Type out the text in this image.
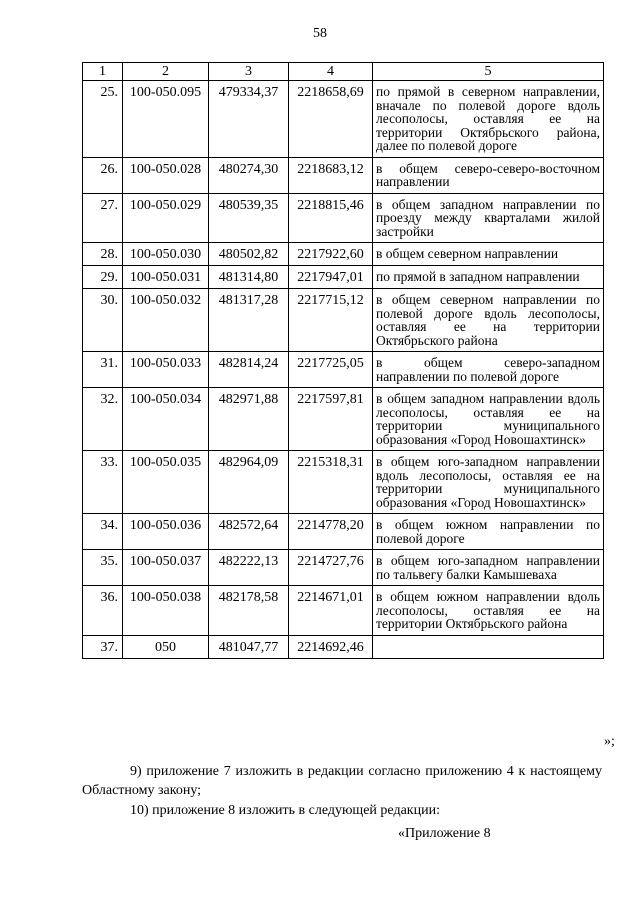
58
1	2	3	4	5
25.	100-050.095	479334,37	2218658,69	по прямой в северном направлении, вначале по полевой дороге вдоль лесополосы, оставляя ее на территории Октябрьского района, далее по полевой дороге
26.	100-050.028	480274,30	2218683,12	в общем северо-северо-восточном направлении
27.	100-050.029	480539,35	2218815,46	в общем западном направлении по проезду между кварталами жилой застройки
28.	100-050.030	480502,82	2217922,60	в общем северном направлении
29.	100-050.031	481314,80	2217947,01	по прямой в западном направлении
30.	100-050.032	481317,28	2217715,12	в общем северном направлении по полевой дороге вдоль лесополосы, оставляя ее на территории Октябрьского района
31.	100-050.033	482814,24	2217725,05	в общем северо-западном направлении по полевой дороге
32.	100-050.034	482971,88	2217597,81	в общем западном направлении вдоль лесополосы, оставляя ее на территории муниципального образования «Город Новошахтинск»
33.	100-050.035	482964,09	2215318,31	в общем юго-западном направлении вдоль лесополосы, оставляя ее на территории муниципального образования «Город Новошахтинск»
34.	100-050.036	482572,64	2214778,20	в общем южном направлении по полевой дороге
35.	100-050.037	482222,13	2214727,76	в общем юго-западном направлении по тальвегу балки Камышеваха
36.	100-050.038	482178,58	2214671,01	в общем южном направлении вдоль лесополосы, оставляя ее на территории Октябрьского района
37.	050	481047,77	2214692,46	
»;
9) приложение 7 изложить в редакции согласно приложению 4 к настоящему Областному закону;
10) приложение 8 изложить в следующей редакции:
«Приложение 8
